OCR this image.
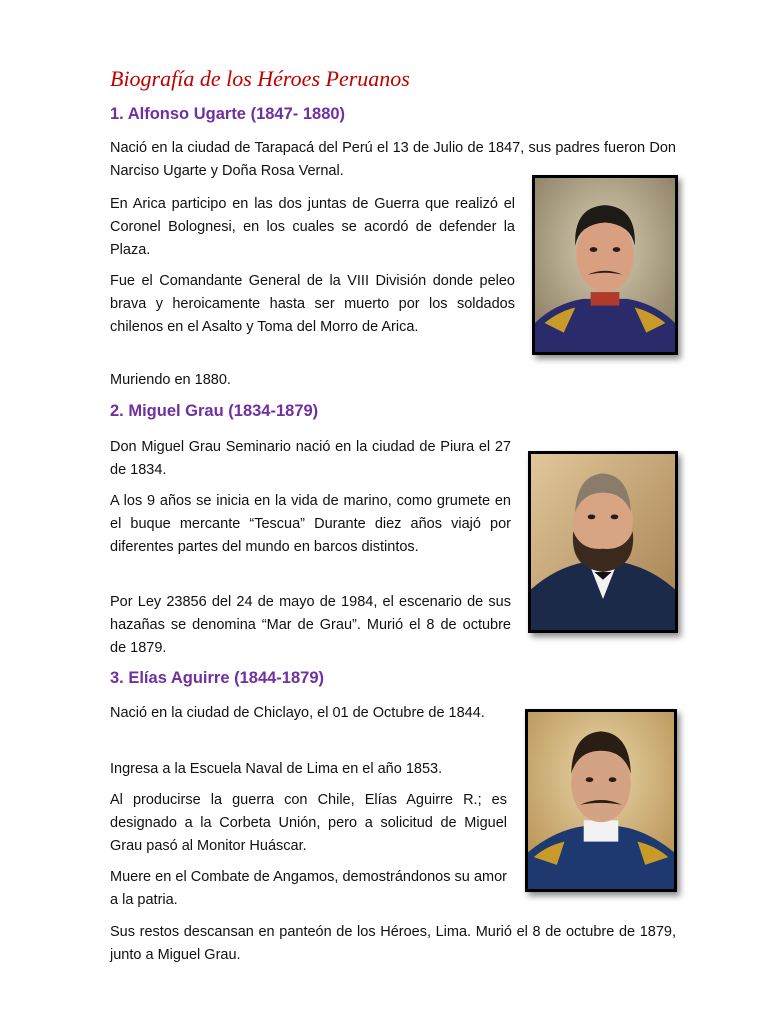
Biografía de los Héroes Peruanos
1. Alfonso Ugarte (1847- 1880)

Nació en la ciudad de Tarapacá del Perú el 13 de Julio de 1847, sus padres fueron Don Narciso Ugarte y Doña Rosa Vernal.

En Arica participo en las dos juntas de Guerra que realizó el Coronel Bolognesi, en los cuales se acordó de defender la Plaza.

Fue el Comandante General de la VIII División donde peleo brava y heroicamente hasta ser muerto por los soldados chilenos en el Asalto y Toma del Morro de Arica.

Muriendo en 1880.

2. Miguel Grau (1834-1879)

Don Miguel Grau Seminario nació en la ciudad de Piura el 27 de 1834.

A los 9 años se inicia en la vida de marino, como grumete en el buque mercante “Tescua” Durante diez años viajó por diferentes partes del mundo en barcos distintos.

Por Ley 23856 del 24 de mayo de 1984, el escenario de sus hazañas se denomina “Mar de Grau”. Murió el 8 de octubre de 1879.

3. Elías Aguirre (1844-1879)

Nació en la ciudad de Chiclayo, el 01 de Octubre de 1844.

Ingresa a la Escuela Naval de Lima en el año 1853.

Al producirse la guerra con Chile, Elías Aguirre R.; es designado a la Corbeta Unión, pero a solicitud de Miguel Grau pasó al Monitor Huáscar.

Muere en el Combate de Angamos, demostrándonos su amor a la patria.

Sus restos descansan en panteón de los Héroes, Lima. Murió el 8 de octubre de 1879, junto a Miguel Grau.
